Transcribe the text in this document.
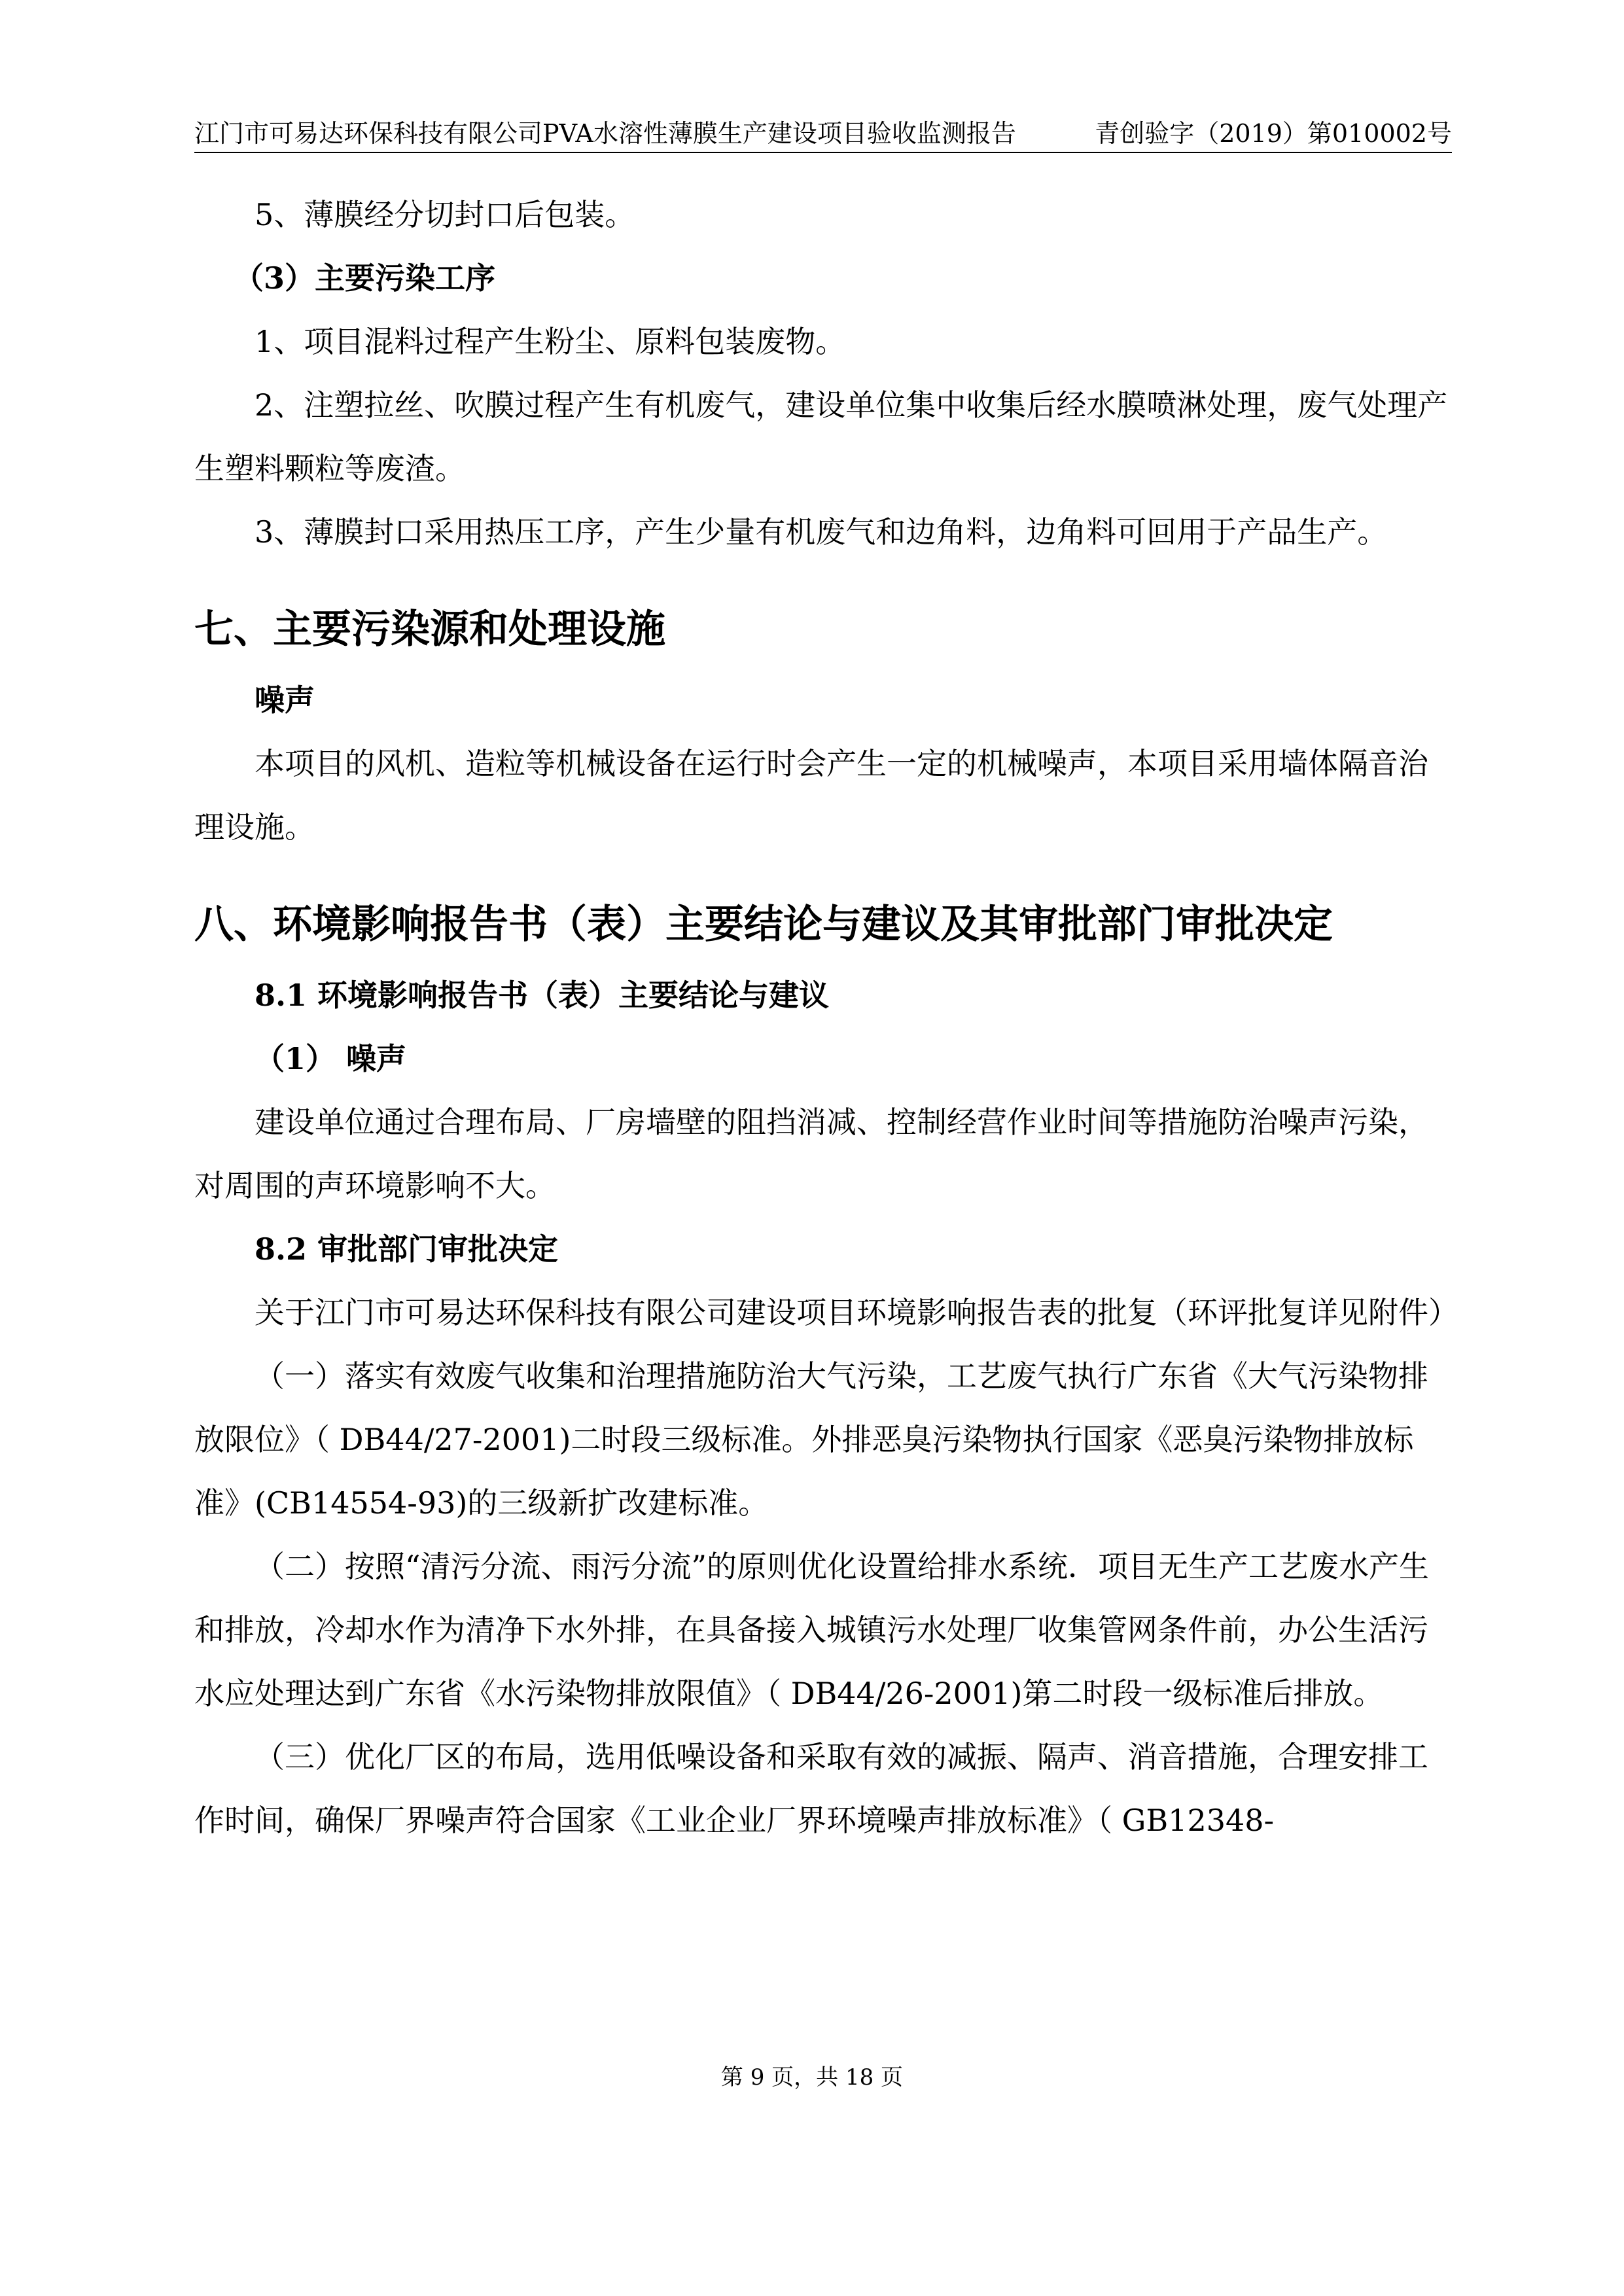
江门市可易达环保科技有限公司PVA水溶性薄膜生产建设项目验收监测报告	青创验字（2019）第010002号

5、薄膜经分切封口后包装。

（3）主要污染工序

1、项目混料过程产生粉尘、原料包装废物。

2、注塑拉丝、吹膜过程产生有机废气，建设单位集中收集后经水膜喷淋处理，废气处理产生塑料颗粒等废渣。

3、薄膜封口采用热压工序，产生少量有机废气和边角料，边角料可回用于产品生产。

七、主要污染源和处理设施

噪声

本项目的风机、造粒等机械设备在运行时会产生一定的机械噪声，本项目采用墙体隔音治理设施。

八、环境影响报告书（表）主要结论与建议及其审批部门审批决定

8.1 环境影响报告书（表）主要结论与建议

（1） 噪声

建设单位通过合理布局、厂房墙壁的阻挡消减、控制经营作业时间等措施防治噪声污染，对周围的声环境影响不大。

8.2 审批部门审批决定

关于江门市可易达环保科技有限公司建设项目环境影响报告表的批复（环评批复详见附件）

（一）落实有效废气收集和治理措施防治大气污染，工艺废气执行广东省《大气污染物排放限位》（ DB44/27-2001)二时段三级标准。外排恶臭污染物执行国家《恶臭污染物排放标准》(CB14554-93)的三级新扩改建标准。

（二）按照“清污分流、雨污分流”的原则优化设置给排水系统．项目无生产工艺废水产生和排放，冷却水作为清净下水外排，在具备接入城镇污水处理厂收集管网条件前，办公生活污水应处理达到广东省《水污染物排放限值》（ DB44/26-2001)第二时段一级标准后排放。

（三）优化厂区的布局，选用低噪设备和采取有效的减振、隔声、消音措施，合理安排工作时间，确保厂界噪声符合国家《工业企业厂界环境噪声排放标准》（ GB12348-

第 9 页，共 18 页
